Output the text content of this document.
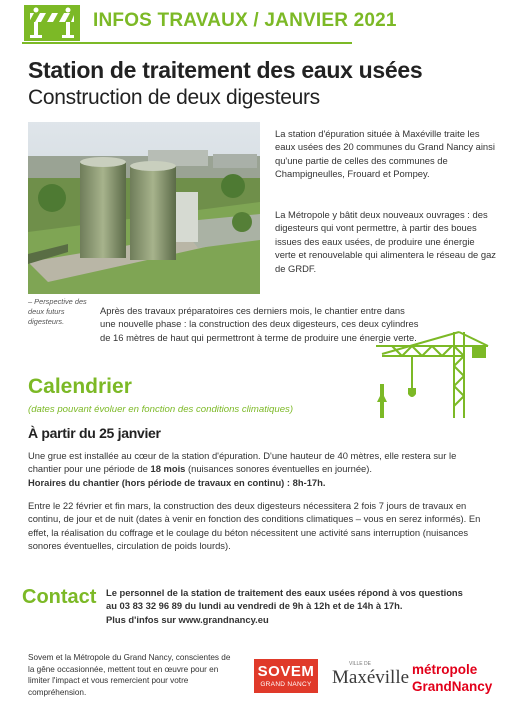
INFOS TRAVAUX / JANVIER 2021
Station de traitement des eaux usées
Construction de deux digesteurs
La station d'épuration située à Maxéville traite les eaux usées des 20 communes du Grand Nancy ainsi qu'une partie de celles des communes de Champigneulles, Frouard et Pompey.
La Métropole y bâtit deux nouveaux ouvrages : des digesteurs qui vont permettre, à partir des boues issues des eaux usées, de produire une énergie verte et renouvelable qui alimentera le réseau de gaz de GRDF.
– Perspective des deux futurs digesteurs.
Après des travaux préparatoires ces derniers mois, le chantier entre dans une nouvelle phase : la construction des deux digesteurs, ces deux cylindres de 16 mètres de haut qui permettront à terme de produire une énergie verte.
Calendrier
(dates pouvant évoluer en fonction des conditions climatiques)
À partir du 25 janvier
Une grue est installée au cœur de la station d'épuration. D'une hauteur de 40 mètres, elle restera sur le chantier pour une période de 18 mois (nuisances sonores éventuelles en journée).
Horaires du chantier (hors période de travaux en continu) : 8h-17h.
Entre le 22 février et fin mars, la construction des deux digesteurs nécessitera 2 fois 7 jours de travaux en continu, de jour et de nuit (dates à venir en fonction des conditions climatiques – vous en serez informés). En effet, la réalisation du coffrage et le coulage du béton nécessitent une activité sans interruption (nuisances sonores éventuelles, circulation de poids lourds).
Contact Le personnel de la station de traitement des eaux usées répond à vos questions
au 03 83 32 96 89 du lundi au vendredi de 9h à 12h et de 14h à 17h.
Plus d'infos sur www.grandnancy.eu
Sovem et la Métropole du Grand Nancy, conscientes de la gêne occasionnée, mettent tout en œuvre pour en limiter l'impact et vous remercient pour votre compréhension.
SOVEM
GRAND NANCY
VILLE DE
Maxéville métropole
GrandNancy
